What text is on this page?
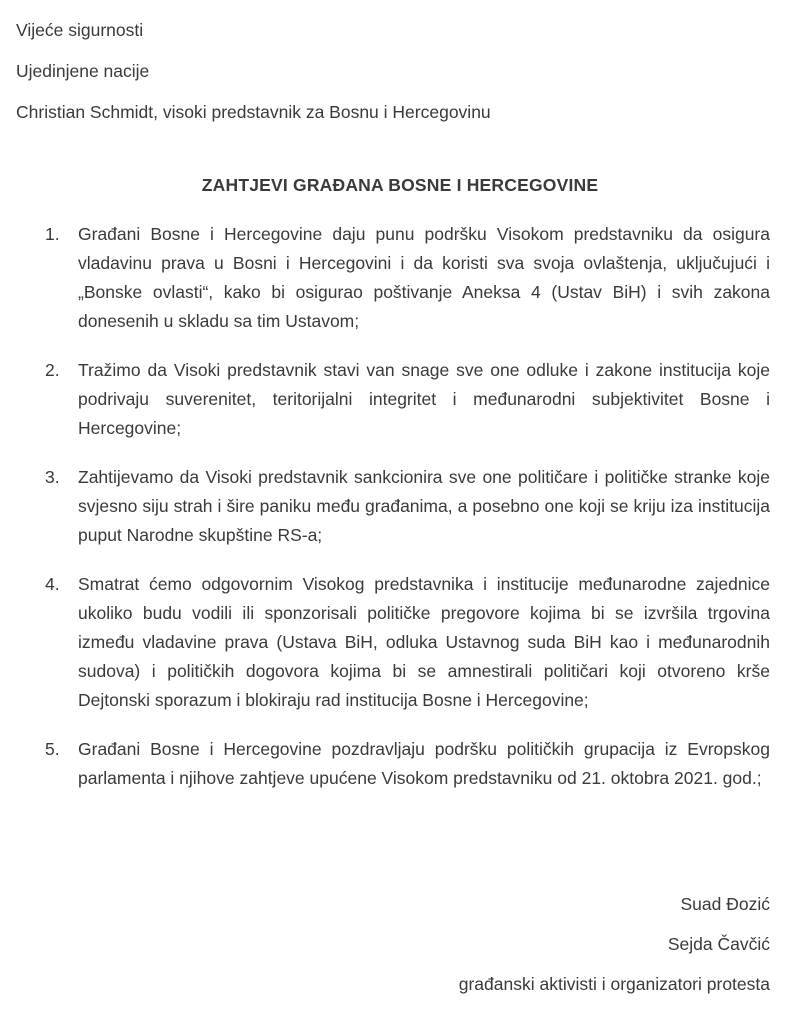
Vijeće sigurnosti
Ujedinjene nacije
Christian Schmidt, visoki predstavnik za Bosnu i Hercegovinu
ZAHTJEVI GRAĐANA BOSNE I HERCEGOVINE
1.	Građani Bosne i Hercegovine daju punu podršku Visokom predstavniku da osigura vladavinu prava u Bosni i Hercegovini i da koristi sva svoja ovlaštenja, uključujući i „Bonske ovlasti“, kako bi osigurao poštivanje Aneksa 4 (Ustav BiH) i svih zakona donesenih u skladu sa tim Ustavom;
2.	Tražimo da Visoki predstavnik stavi van snage sve one odluke i zakone institucija koje podrivaju suverenitet, teritorijalni integritet i međunarodni subjektivitet Bosne i Hercegovine;
3.	Zahtijevamo da Visoki predstavnik sankcionira sve one političare i političke stranke koje svjesno siju strah i šire paniku među građanima, a posebno one koji se kriju iza institucija puput Narodne skupštine RS-a;
4.	Smatrat ćemo odgovornim Visokog predstavnika i institucije međunarodne zajednice ukoliko budu vodili ili sponzorisali političke pregovore kojima bi se izvršila trgovina između vladavine prava (Ustava BiH, odluka Ustavnog suda BiH kao i međunarodnih sudova) i političkih dogovora kojima bi se amnestirali političari koji otvoreno krše Dejtonski sporazum i blokiraju rad institucija Bosne i Hercegovine;
5.	Građani Bosne i Hercegovine pozdravljaju podršku političkih grupacija iz Evropskog parlamenta i njihove zahtjeve upućene Visokom predstavniku od 21. oktobra 2021. god.;
Suad Đozić
Sejda Čavčić
građanski aktivisti i organizatori protesta
